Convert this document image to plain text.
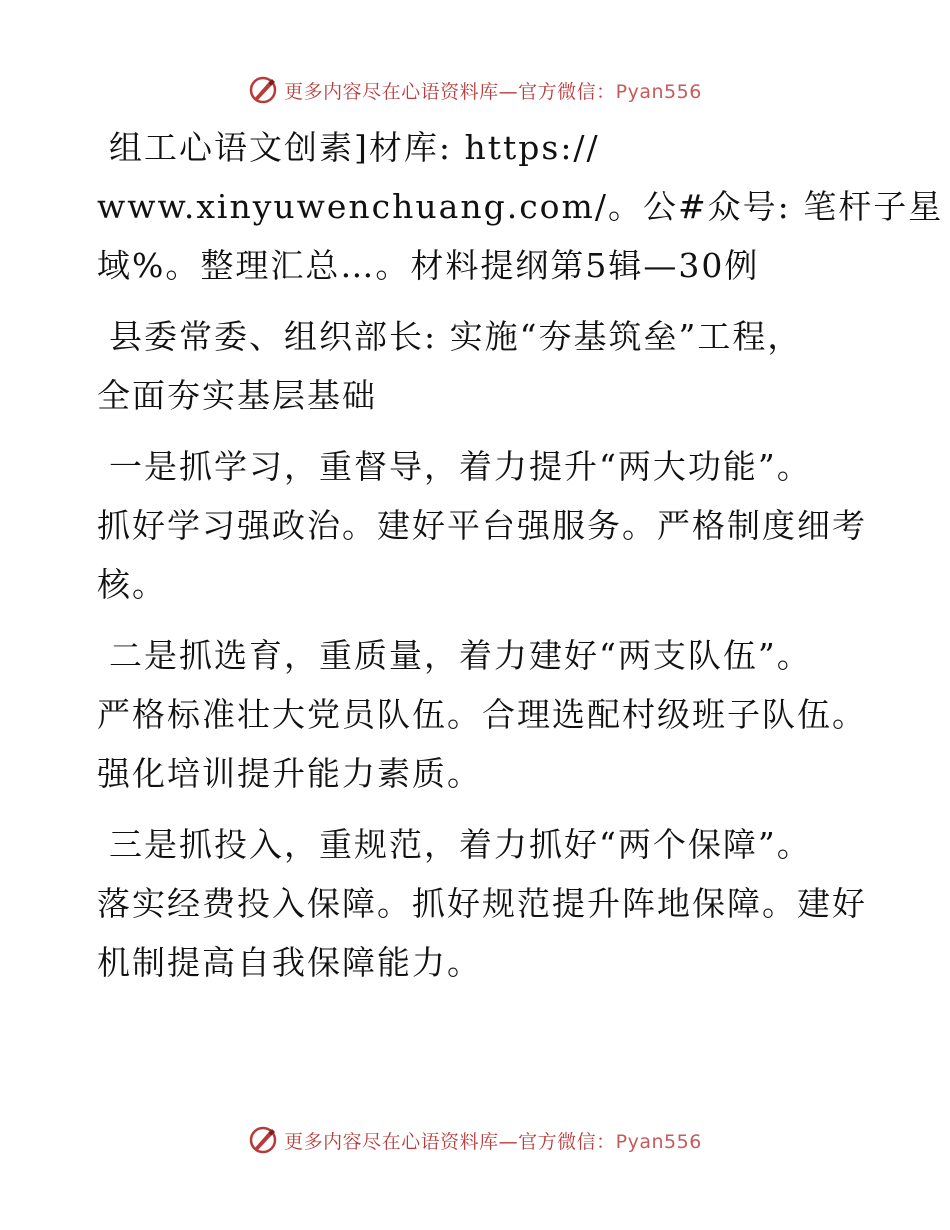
更多内容尽在心语资料库—官方微信：Pyan556

组工心语文创素]材库: https://
www.xinyuwenchuang.com/。公#众号: 笔杆子星
域%。整理汇总…。材料提纲第5辑—30例

县委常委、组织部长: 实施“夯基筑垒”工程，
全面夯实基层基础

一是抓学习，重督导，着力提升“两大功能”。
抓好学习强政治。建好平台强服务。严格制度细考
核。

二是抓选育，重质量，着力建好“两支队伍”。
严格标准壮大党员队伍。合理选配村级班子队伍。
强化培训提升能力素质。

三是抓投入，重规范，着力抓好“两个保障”。
落实经费投入保障。抓好规范提升阵地保障。建好
机制提高自我保障能力。

更多内容尽在心语资料库—官方微信：Pyan556
